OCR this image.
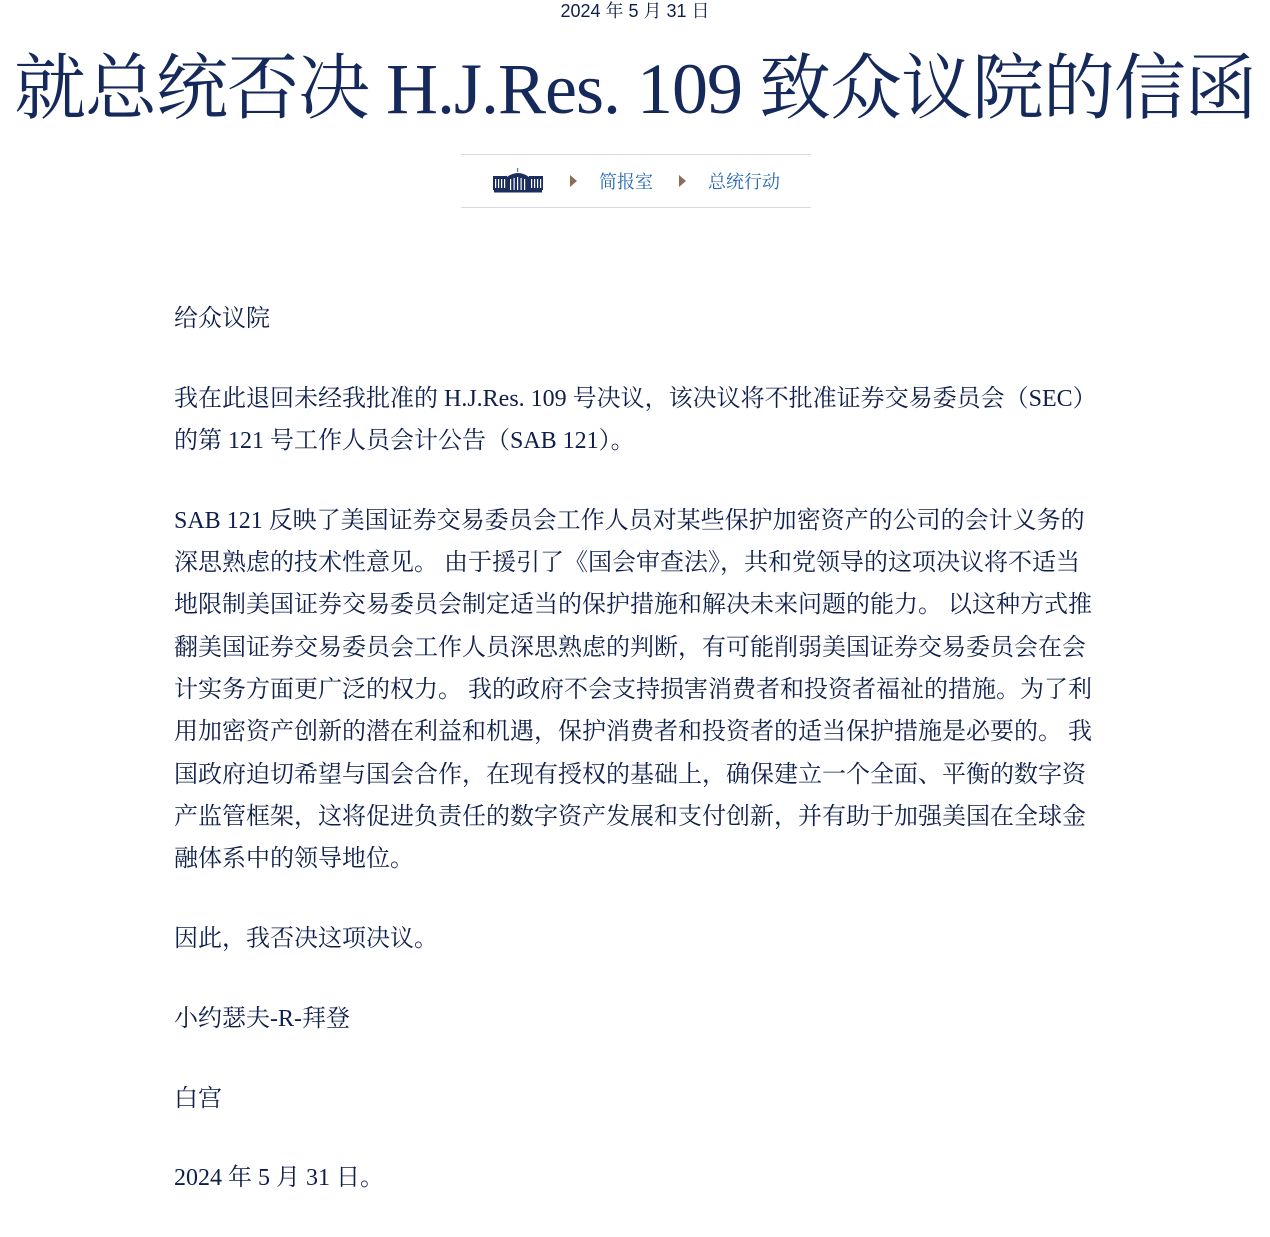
2024 年 5 月 31 日
就总统否决 H.J.Res. 109 致众议院的信函
简报室	总统行动

给众议院

我在此退回未经我批准的 H.J.Res. 109 号决议，该决议将不批准证券交易委员会（SEC）的第 121 号工作人员会计公告（SAB 121）。

SAB 121 反映了美国证券交易委员会工作人员对某些保护加密资产的公司的会计义务的深思熟虑的技术性意见。 由于援引了《国会审查法》，共和党领导的这项决议将不适当地限制美国证券交易委员会制定适当的保护措施和解决未来问题的能力。 以这种方式推翻美国证券交易委员会工作人员深思熟虑的判断，有可能削弱美国证券交易委员会在会计实务方面更广泛的权力。 我的政府不会支持损害消费者和投资者福祉的措施。为了利用加密资产创新的潜在利益和机遇，保护消费者和投资者的适当保护措施是必要的。 我国政府迫切希望与国会合作，在现有授权的基础上，确保建立一个全面、平衡的数字资产监管框架，这将促进负责任的数字资产发展和支付创新，并有助于加强美国在全球金融体系中的领导地位。

因此，我否决这项决议。

小约瑟夫-R-拜登

白宫

2024 年 5 月 31 日。
